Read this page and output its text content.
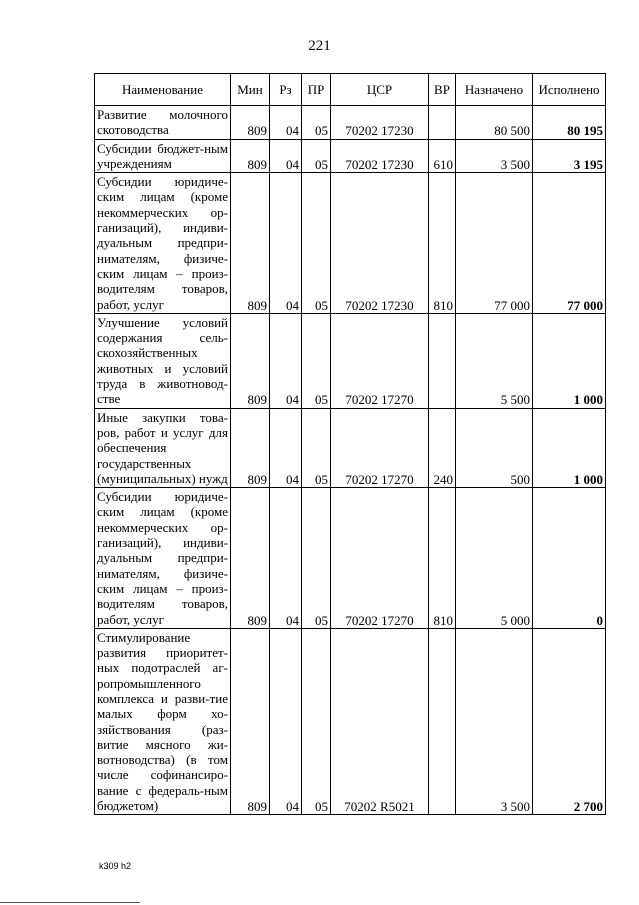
221
Наименование	Мин	Рз	ПР	ЦСР	ВР	Назначено	Исполнено
Развитие молочного скотоводства	809	04	05	70202 17230		80 500	80 195
Субсидии бюджет-ным учреждениям	809	04	05	70202 17230	610	3 500	3 195
Субсидии юридиче-ским лицам (кроме некоммерческих ор-ганизаций), индиви-дуальным предпри-нимателям, физиче-ским лицам – произ-водителям товаров, работ, услуг	809	04	05	70202 17230	810	77 000	77 000
Улучшение условий содержания сель-скохозяйственных животных и условий труда в животновод-стве	809	04	05	70202 17270		5 500	1 000
Иные закупки това-ров, работ и услуг для обеспечения государственных (муниципальных) нужд	809	04	05	70202 17270	240	500	1 000
Субсидии юридиче-ским лицам (кроме некоммерческих ор-ганизаций), индиви-дуальным предпри-нимателям, физиче-ским лицам – произ-водителям товаров, работ, услуг	809	04	05	70202 17270	810	5 000	0
Стимулирование развития приоритет-ных подотраслей аг-ропромышленного комплекса и разви-тие малых форм хо-зяйствования (раз-витие мясного жи-вотноводства) (в том числе софинансиро-вание с федераль-ным бюджетом)	809	04	05	70202 R5021		3 500	2 700
k309 h2
